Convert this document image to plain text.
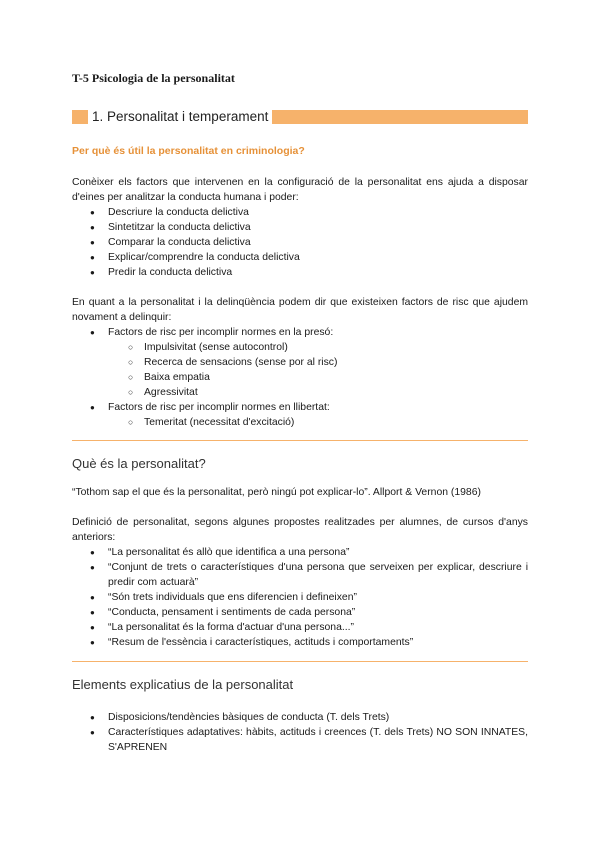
T-5 Psicologia de la personalitat
1. Personalitat i temperament
Per què és útil la personalitat en criminologia?

Conèixer els factors que intervenen en la configuració de la personalitat ens ajuda a disposar d'eines per analitzar la conducta humana i poder:

● Descriure la conducta delictiva
● Sintetitzar la conducta delictiva
● Comparar la conducta delictiva
● Explicar/comprendre la conducta delictiva
● Predir la conducta delictiva

En quant a la personalitat i la delinqüència podem dir que existeixen factors de risc que ajudem novament a delinquir:

● Factors de risc per incomplir normes en la presó:
○ Impulsivitat (sense autocontrol)
○ Recerca de sensacions (sense por al risc)
○ Baixa empatia
○ Agressivitat
● Factors de risc per incomplir normes en llibertat:
○ Temeritat (necessitat d'excitació)
Què és la personalitat?

“Tothom sap el que és la personalitat, però ningú pot explicar-lo”. Allport & Vernon (1986)

Definició de personalitat, segons algunes propostes realitzades per alumnes, de cursos d'anys anteriors:

● “La personalitat és allò que identifica a una persona”
● “Conjunt de trets o característiques d'una persona que serveixen per explicar, descriure i predir com actuarà”
● “Són trets individuals que ens diferencien i defineixen”
● “Conducta, pensament i sentiments de cada persona”
● “La personalitat és la forma d'actuar d'una persona...”
● “Resum de l'essència i característiques, actituds i comportaments”
Elements explicatius de la personalitat
● Disposicions/tendències bàsiques de conducta (T. dels Trets)
● Característiques adaptatives: hàbits, actituds i creences (T. dels Trets) NO SON INNATES, S'APRENEN
